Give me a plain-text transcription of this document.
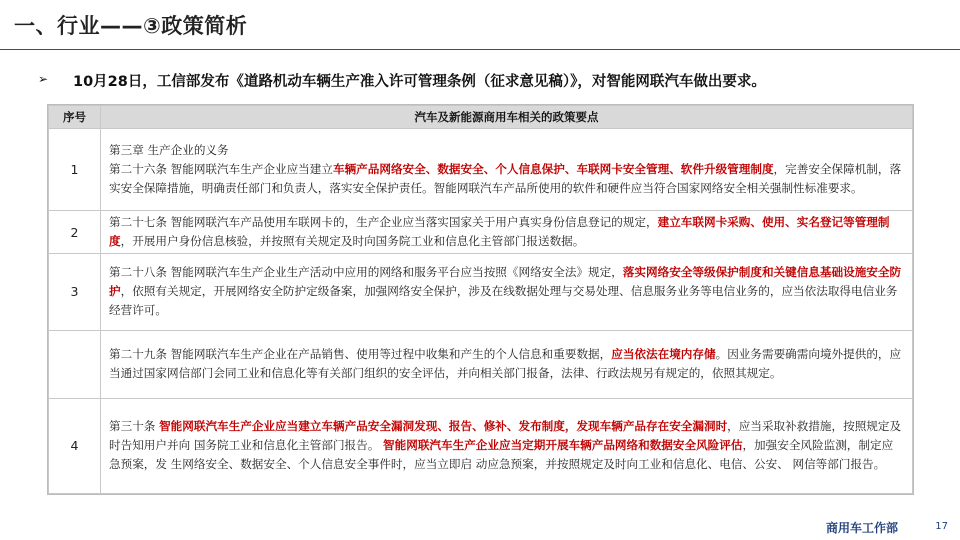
一、行业——③政策简析
➢ 10月28日，工信部发布《道路机动车辆生产准入许可管理条例（征求意见稿）》，对智能网联汽车做出要求。
序号	汽车及新能源商用车相关的政策要点
1	第三章 生产企业的义务
第二十六条 智能网联汽车生产企业应当建立车辆产品网络安全、数据安全、个人信息保护、车联网卡安全管理、软件升级管理制度，完善安全保障机制，落实安全保障措施，明确责任部门和负责人，落实安全保护责任。智能网联汽车产品所使用的软件和硬件应当符合国家网络安全相关强制性标准要求。
2	第二十七条 智能网联汽车产品使用车联网卡的，生产企业应当落实国家关于用户真实身份信息登记的规定，建立车联网卡采购、使用、实名登记等管理制度，开展用户身份信息核验，并按照有关规定及时向国务院工业和信息化主管部门报送数据。
3	第二十八条 智能网联汽车生产企业生产活动中应用的网络和服务平台应当按照《网络安全法》规定，落实网络安全等级保护制度和关键信息基础设施安全防护，依照有关规定，开展网络安全防护定级备案，加强网络安全保护，涉及在线数据处理与交易处理、信息服务业务等电信业务的，应当依法取得电信业务经营许可。
	第二十九条 智能网联汽车生产企业在产品销售、使用等过程中收集和产生的个人信息和重要数据，应当依法在境内存储。因业务需要确需向境外提供的，应当通过国家网信部门会同工业和信息化等有关部门组织的安全评估，并向相关部门报备，法律、行政法规另有规定的，依照其规定。
4	第三十条 智能网联汽车生产企业应当建立车辆产品安全漏洞发现、报告、修补、发布制度，发现车辆产品存在安全漏洞时，应当采取补救措施，按照规定及时告知用户并向 国务院工业和信息化主管部门报告。 智能网联汽车生产企业应当定期开展车辆产品网络和数据安全风险评估，加强安全风险监测，制定应急预案，发 生网络安全、数据安全、个人信息安全事件时，应当立即启 动应急预案，并按照规定及时向工业和信息化、电信、公安、 网信等部门报告。
商用车工作部	17
